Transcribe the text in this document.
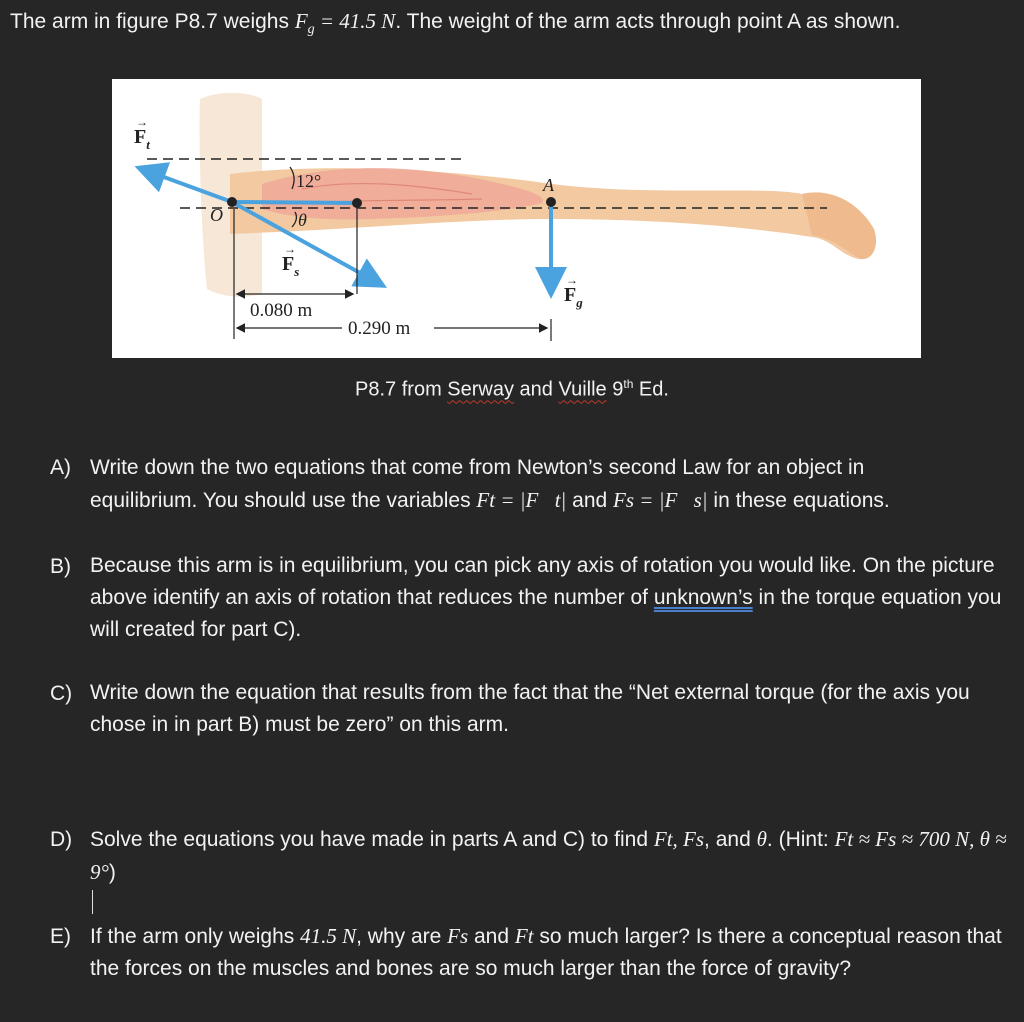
The arm in figure P8.7 weighs $F_g = 41.5$ N. The weight of the arm acts through point A as shown.
$F_t$
→
$F_s$
→
$F_g$
→
12°
θ
O
A
0.080 m
0.290 m
P8.7 from Serway and Vuille 9th Ed.
A) Write down the two equations that come from Newton’s second Law for an object in
equilibrium. You should use the variables Ft = |F⃗t| and Fs = |F⃗s| in these equations.
B) Because this arm is in equilibrium, you can pick any axis of rotation you would like. On the picture above identify an axis of rotation that reduces the number of unknown’s in the torque equation you will created for part C).
C) Write down the equation that results from the fact that the “Net external torque (for the axis you chose in in part B) must be zero” on this arm.
D) Solve the equations you have made in parts A and C) to find Ft, Fs, and θ. (Hint: Ft ≈ Fs ≈ 700 N, θ ≈ 9°)
E) If the arm only weighs 41.5 N, why are Fs and Ft so much larger? Is there a conceptual reason that the forces on the muscles and bones are so much larger than the force of gravity?
